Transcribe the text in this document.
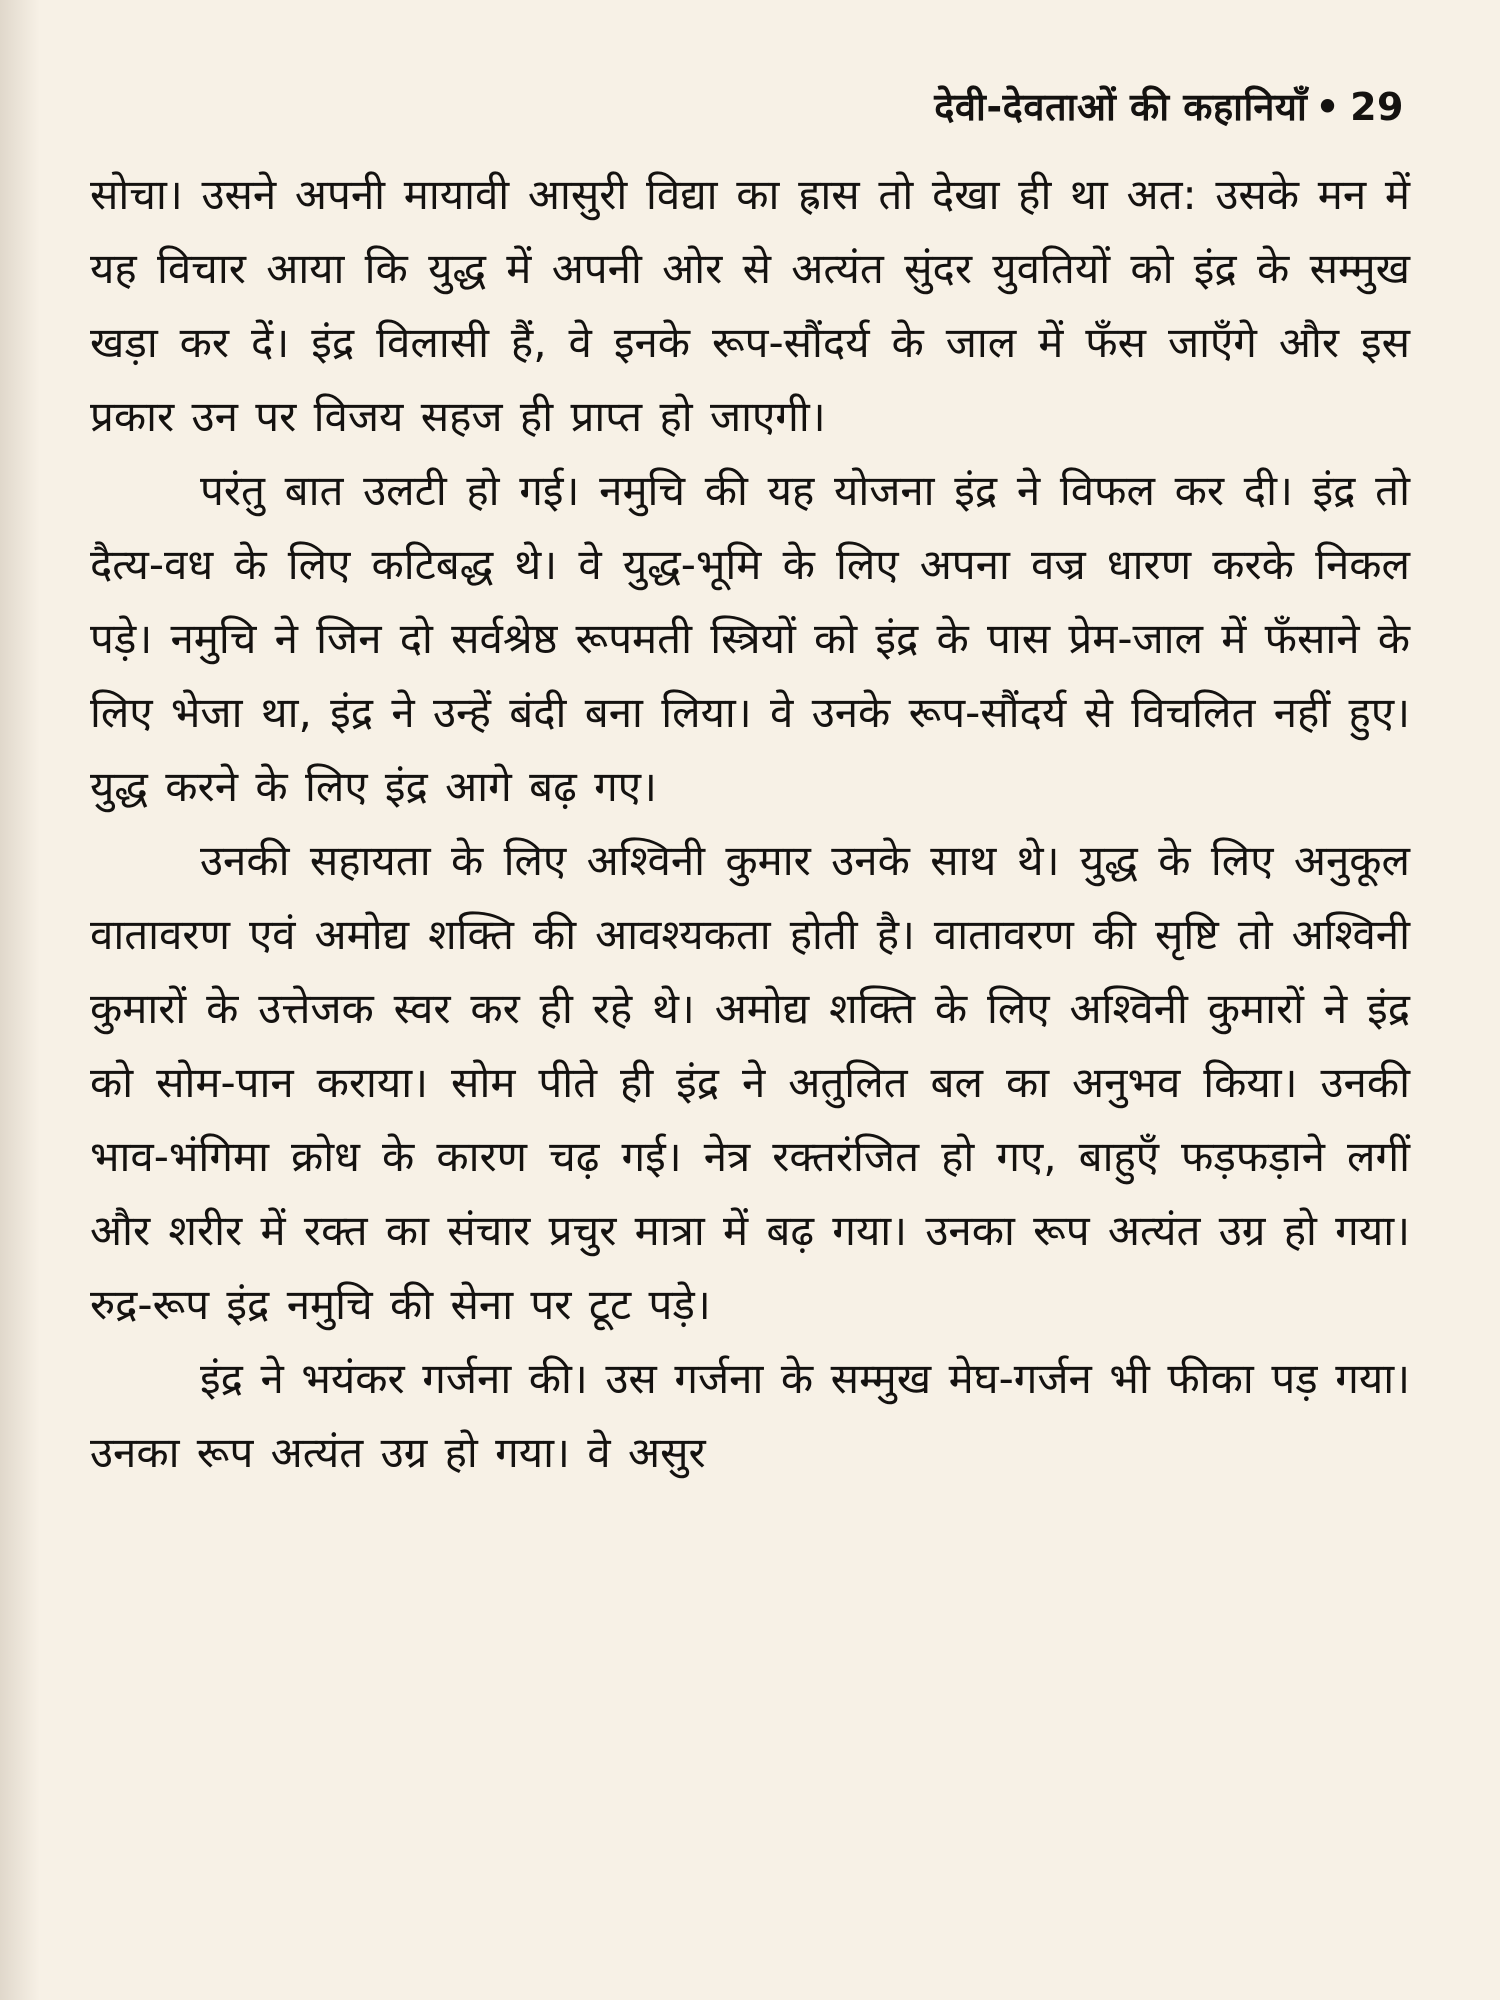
देवी-देवताओं की कहानियाँ • 29

सोचा। उसने अपनी मायावी आसुरी विद्या का ह्रास तो देखा ही था अत: उसके मन में यह विचार आया कि युद्ध में अपनी ओर से अत्यंत सुंदर युवतियों को इंद्र के सम्मुख खड़ा कर दें। इंद्र विलासी हैं, वे इनके रूप-सौंदर्य के जाल में फँस जाएँगे और इस प्रकार उन पर विजय सहज ही प्राप्त हो जाएगी।

परंतु बात उलटी हो गई। नमुचि की यह योजना इंद्र ने विफल कर दी। इंद्र तो दैत्य-वध के लिए कटिबद्ध थे। वे युद्ध-भूमि के लिए अपना वज्र धारण करके निकल पड़े। नमुचि ने जिन दो सर्वश्रेष्ठ रूपमती स्त्रियों को इंद्र के पास प्रेम-जाल में फँसाने के लिए भेजा था, इंद्र ने उन्हें बंदी बना लिया। वे उनके रूप-सौंदर्य से विचलित नहीं हुए। युद्ध करने के लिए इंद्र आगे बढ़ गए।

उनकी सहायता के लिए अश्विनी कुमार उनके साथ थे। युद्ध के लिए अनुकूल वातावरण एवं अमोद्य शक्ति की आवश्यकता होती है। वातावरण की सृष्टि तो अश्विनी कुमारों के उत्तेजक स्वर कर ही रहे थे। अमोद्य शक्ति के लिए अश्विनी कुमारों ने इंद्र को सोम-पान कराया। सोम पीते ही इंद्र ने अतुलित बल का अनुभव किया। उनकी भाव-भंगिमा क्रोध के कारण चढ़ गई। नेत्र रक्तरंजित हो गए, बाहुएँ फड़फड़ाने लगीं और शरीर में रक्त का संचार प्रचुर मात्रा में बढ़ गया। उनका रूप अत्यंत उग्र हो गया। रुद्र-रूप इंद्र नमुचि की सेना पर टूट पड़े।

इंद्र ने भयंकर गर्जना की। उस गर्जना के सम्मुख मेघ-गर्जन भी फीका पड़ गया। उनका रूप अत्यंत उग्र हो गया। वे असुर
